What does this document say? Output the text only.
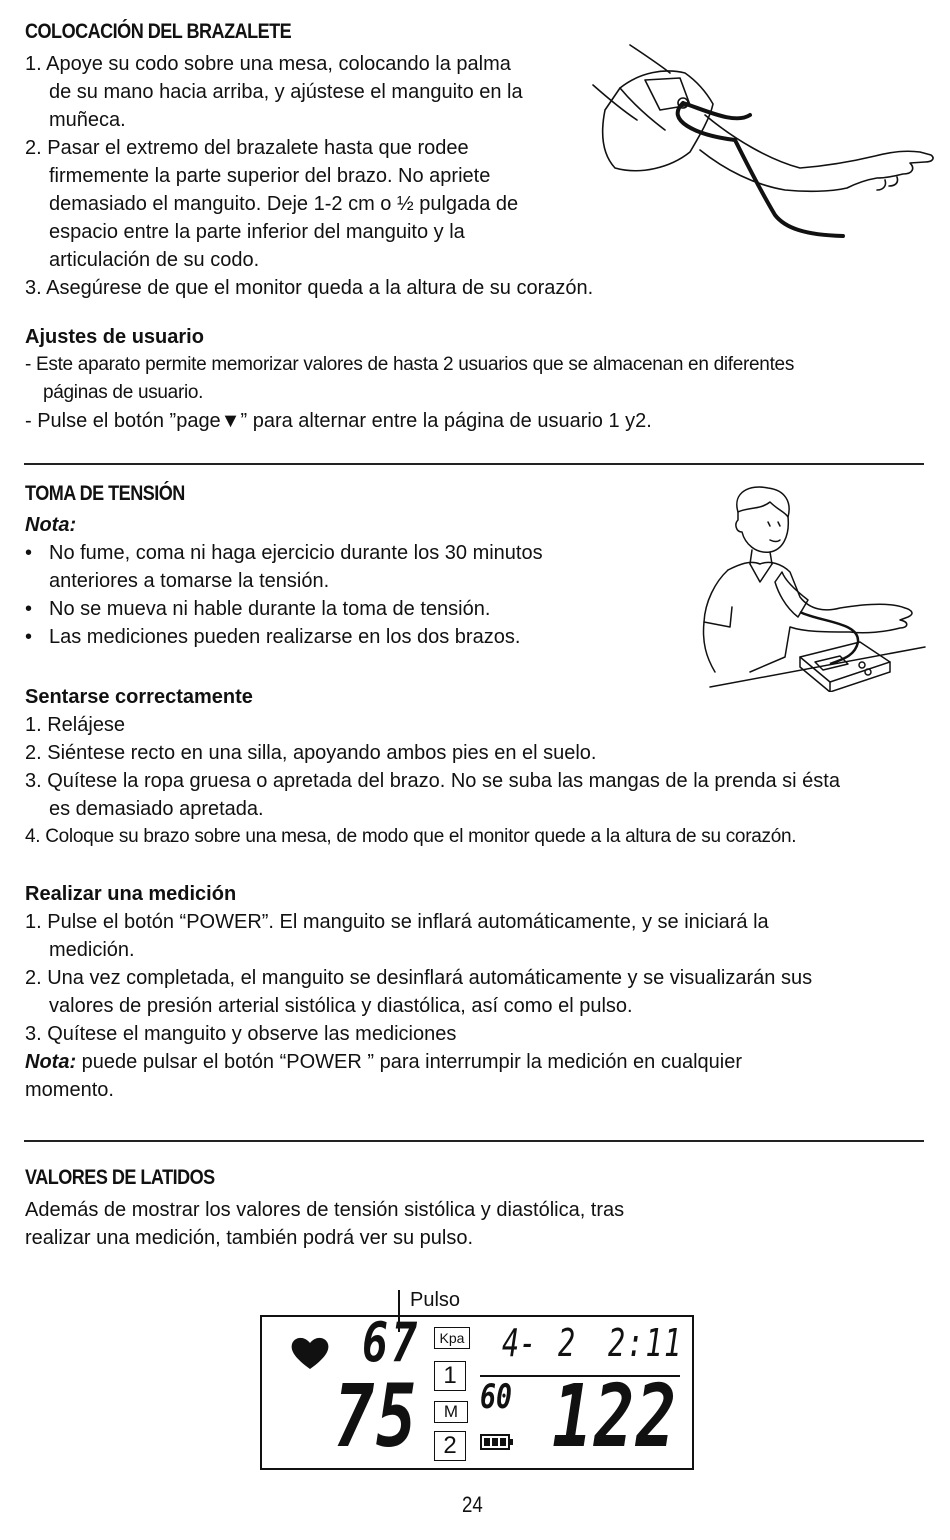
COLOCACIÓN DEL BRAZALETE
1. Apoye su codo sobre una mesa, colocando la palma
de su mano hacia arriba, y ajústese el manguito en la
muñeca.
2. Pasar el extremo del brazalete hasta que rodee
firmemente la parte superior del brazo. No apriete
demasiado el manguito. Deje 1-2 cm o ½ pulgada de
espacio entre la parte inferior del manguito y la
articulación de su codo.
3. Asegúrese de que el monitor queda a la altura de su corazón.
Ajustes de usuario
- Este aparato permite memorizar valores de hasta 2 usuarios que se almacenan en diferentes
páginas de usuario.
- Pulse el botón ”page▼” para alternar entre la página de usuario 1 y2.
TOMA DE TENSIÓN
Nota:
• No fume, coma ni haga ejercicio durante los 30 minutos
anteriores a tomarse la tensión.
• No se mueva ni hable durante la toma de tensión.
• Las mediciones pueden realizarse en los dos brazos.
Sentarse correctamente
1. Relájese
2. Siéntese recto en una silla, apoyando ambos pies en el suelo.
3. Quítese la ropa gruesa o apretada del brazo. No se suba las mangas de la prenda si ésta
es demasiado apretada.
4. Coloque su brazo sobre una mesa, de modo que el monitor quede a la altura de su corazón.
Realizar una medición
1. Pulse el botón “POWER”. El manguito se inflará automáticamente, y se iniciará la
medición.
2. Una vez completada, el manguito se desinflará automáticamente y se visualizarán sus
valores de presión arterial sistólica y diastólica, así como el pulso.
3. Quítese el manguito y observe las mediciones
Nota: puede pulsar el botón “POWER ” para interrumpir la medición en cualquier
momento.
VALORES DE LATIDOS
Además de mostrar los valores de tensión sistólica y diastólica, tras
realizar una medición, también podrá ver su pulso.
Pulso
67	Kpa 4- 2 2:11
1
M
2
75 60 122
24
